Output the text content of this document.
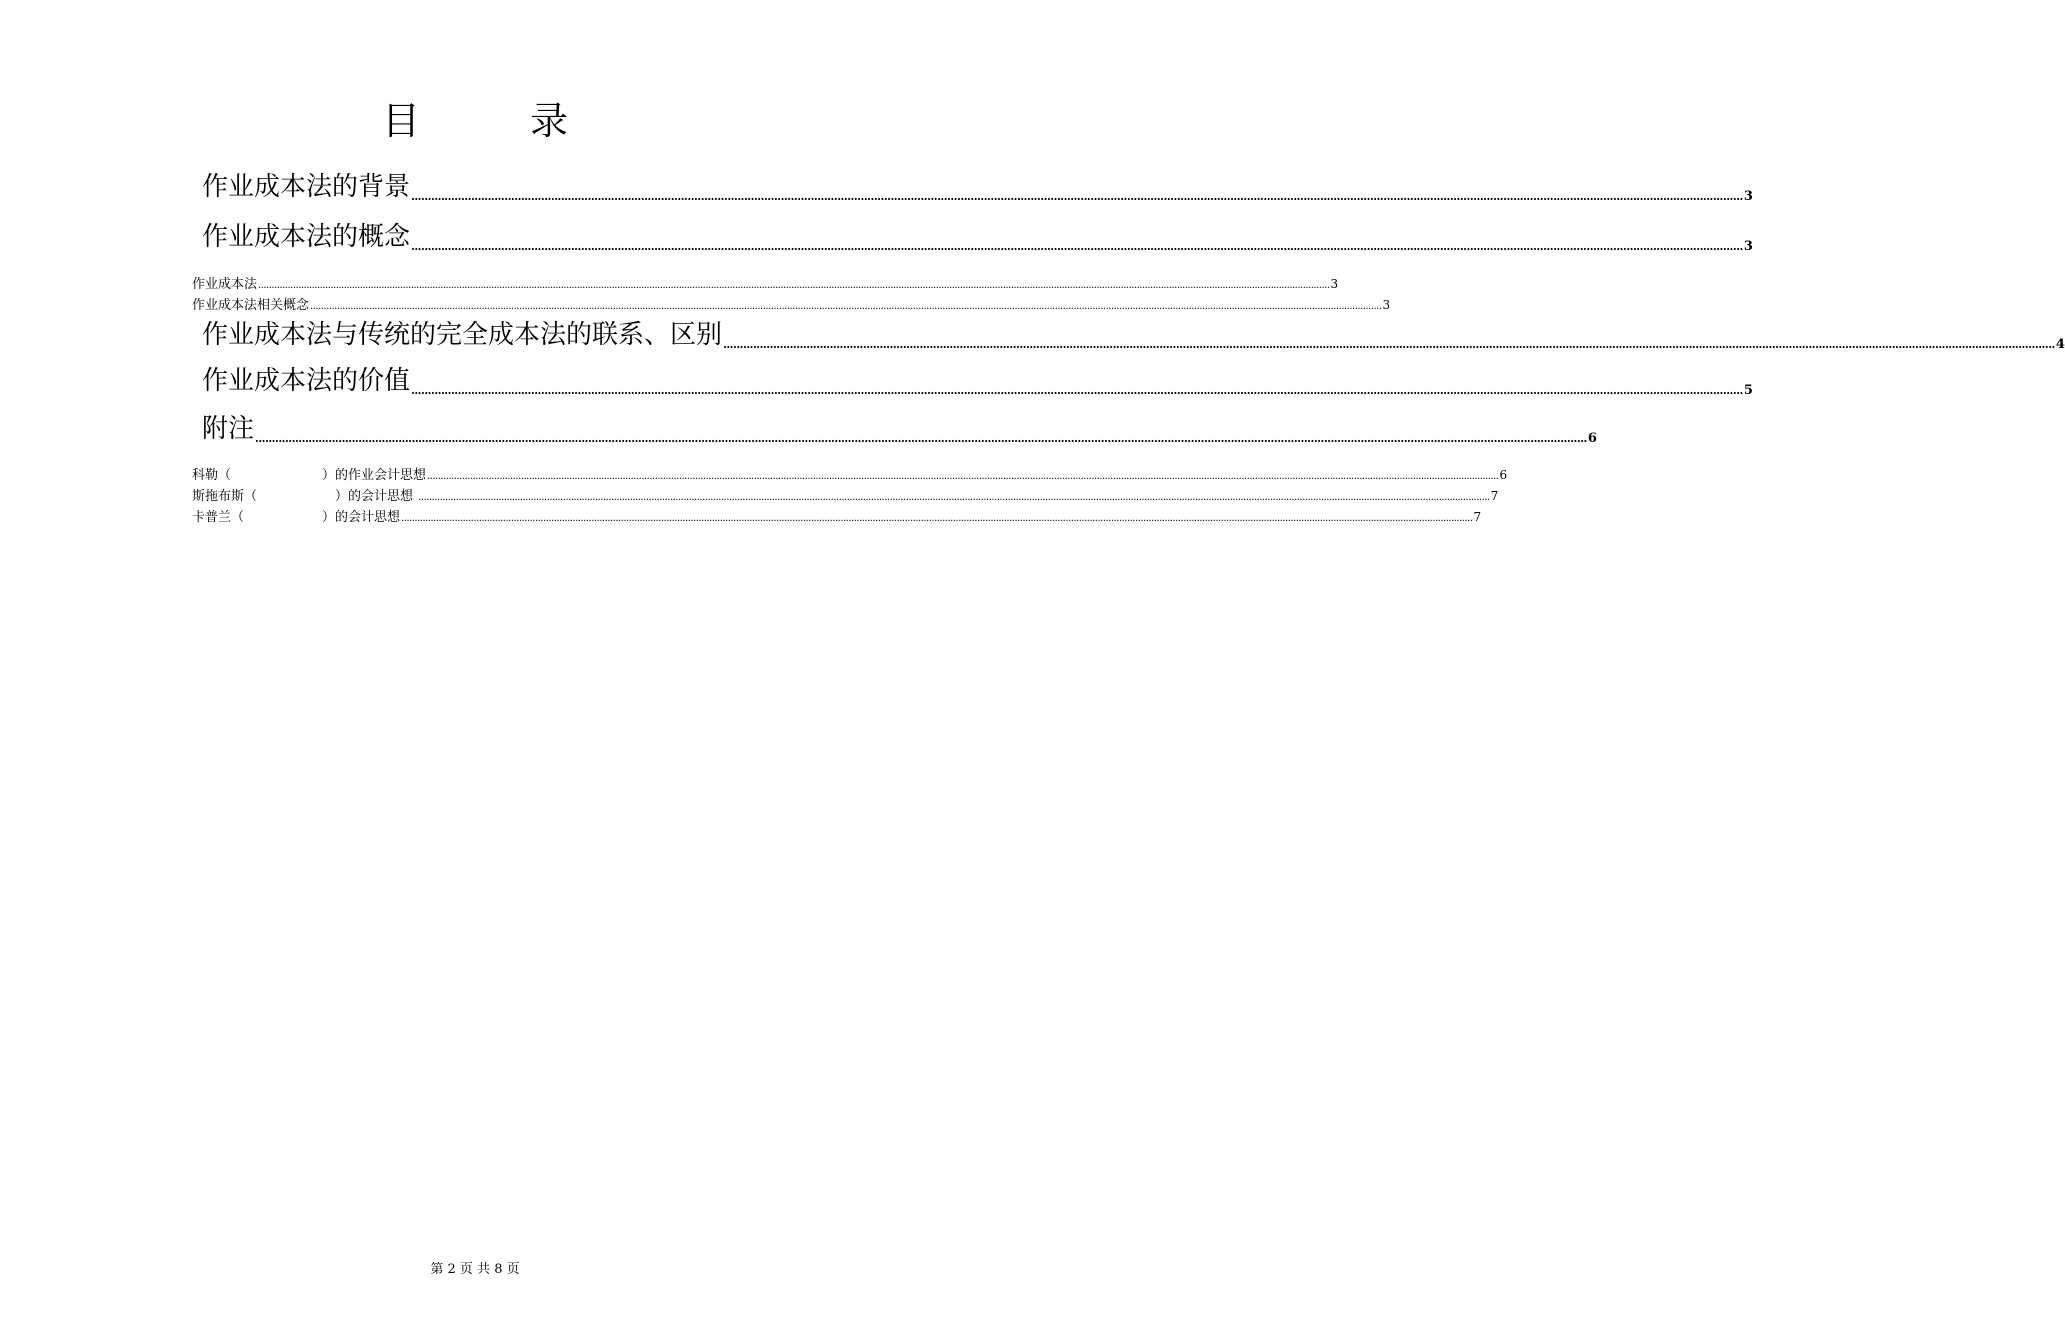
目　录
作业成本法的背景 ................................................................................................................................................................................................................................................................................................................................................................................................................ 3
作业成本法的概念 ................................................................................................................................................................................................................................................................................................................................................................................................................ 3
作业成本法 ................................................................................................................................................................................................................................................................................................................................................................................................................ 3
作业成本法相关概念 ................................................................................................................................................................................................................................................................................................................................................................................................................ 3
作业成本法与传统的完全成本法的联系、区别 ................................................................................................................................................................................................................................................................................................................................................................................................................ 4
作业成本法的价值 ................................................................................................................................................................................................................................................................................................................................................................................................................ 5
附注 ................................................................................................................................................................................................................................................................................................................................................................................................................ 6
科勒（　　　　　　　）的作业会计思想 ................................................................................................................................................................................................................................................................................................................................................................................................................ 6
斯拖布斯（　　　　　　）的会计思想 ................................................................................................................................................................................................................................................................................................................................................................................................................ 7
卡普兰（　　　　　　）的会计思想 ................................................................................................................................................................................................................................................................................................................................................................................................................ 7
第 2 页 共 8 页
